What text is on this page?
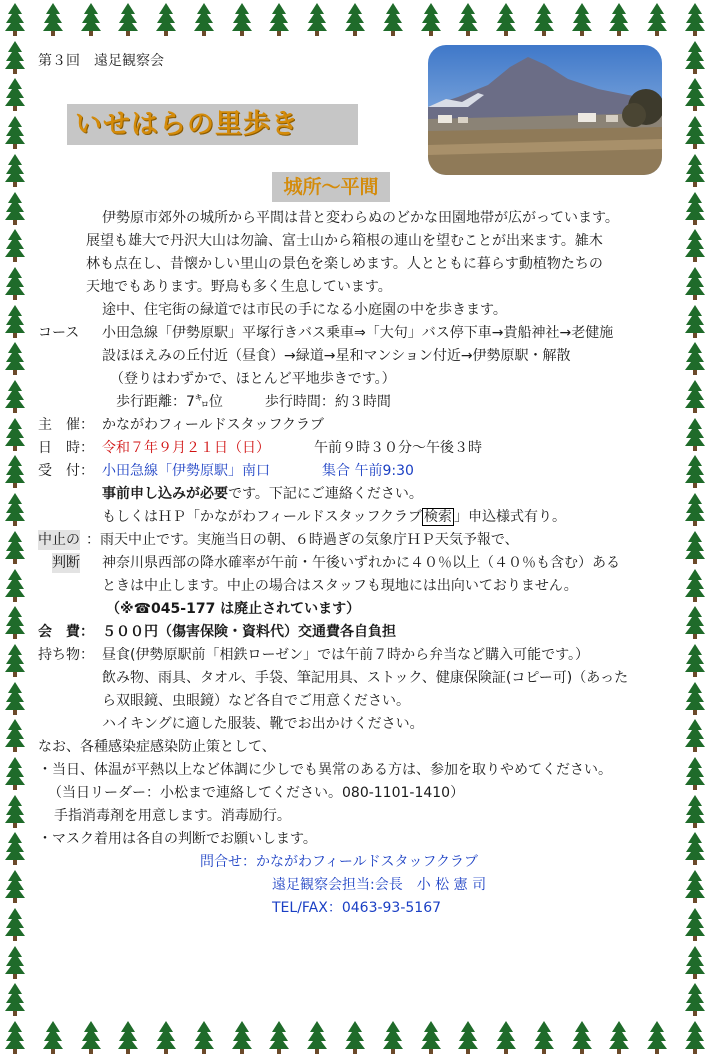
第３回　遠足観察会
いせはらの里歩き
城所～平間
伊勢原市郊外の城所から平間は昔と変わらぬのどかな田園地帯が広がっています。
展望も雄大で丹沢大山は勿論、富士山から箱根の連山を望むことが出来ます。雑木
林も点在し、昔懐かしい里山の景色を楽しめます。人とともに暮らす動植物たちの
天地でもあります。野鳥も多く生息しています。
途中、住宅街の緑道では市民の手になる小庭園の中を歩きます。
コース 小田急線「伊勢原駅」平塚行きバス乗車⇒「大句」バス停下車→貴船神社→老健施
設ほほえみの丘付近（昼食）→緑道→星和マンション付近→伊勢原駅・解散
（登りはわずかで、ほとんど平地歩きです。）
歩行距離：7㌔位　　　歩行時間：約３時間
主　催： かながわフィールドスタッフクラブ
日　時： 令和７年９月２１日（日）	午前９時３０分～午後３時
受　付： 小田急線「伊勢原駅」南口	集合 午前9:30
事前申し込みが必要です。下記にご連絡ください。
もしくはＨＰ「かながわフィールドスタッフクラブ 検索 」申込様式有り。
中止の ：雨天中止です。実施当日の朝、６時過ぎの気象庁ＨＰ天気予報で、
判断 神奈川県西部の降水確率が午前・午後いずれかに４０％以上（４０％も含む）ある
ときは中止します。中止の場合はスタッフも現地には出向いておりません。
（※☎045-177 は廃止されています）
会　費： ５００円（傷害保険・資料代）交通費各自負担
持ち物： 昼食(伊勢原駅前「相鉄ローゼン」では午前７時から弁当など購入可能です。）
飲み物、雨具、タオル、手袋、筆記用具、ストック、健康保険証(コピー可)（あった
ら双眼鏡、虫眼鏡）など各自でご用意ください。
ハイキングに適した服装、靴でお出かけください。
なお、各種感染症感染防止策として、
・当日、体温が平熱以上など体調に少しでも異常のある方は、参加を取りやめてください。
（当日リーダー：小松まで連絡してください。080-1101-1410）
手指消毒剤を用意します。消毒励行。
・マスク着用は各自の判断でお願いします。
問合せ：かながわフィールドスタッフクラブ
遠足観察会担当:会長　小 松 憲 司
TEL/FAX：0463-93-5167
